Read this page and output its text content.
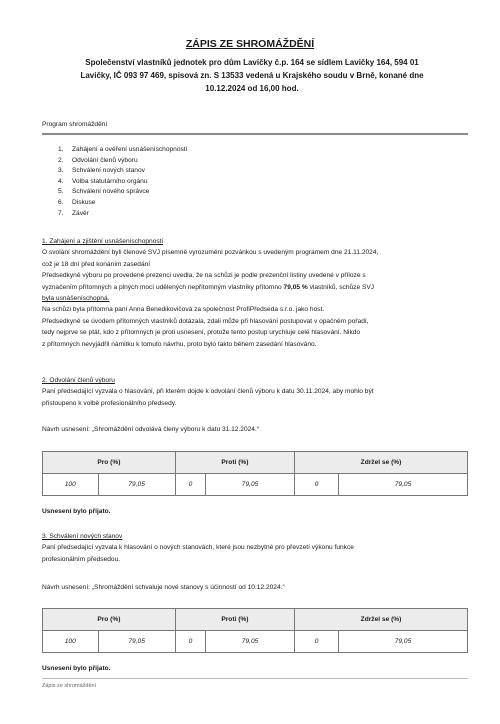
ZÁPIS ZE SHROMÁŽDĚNÍ
Společenství vlastníků jednotek pro dům Lavičky č.p. 164 se sídlem Lavičky 164, 594 01
Lavičky, IČ 093 97 469, spisová zn. S 13533 vedená u Krajského soudu v Brně, konané dne
10.12.2024 od 16,00 hod.
Program shromáždění
1. Zahájení a ověření usnášeníschopnosti
2. Odvolání členů výboru
3. Schválení nových stanov
4. Volba statutárního orgánu
5. Schválení nového správce
6. Diskuse
7. Závěr

1. Zahájení a zjištění usnášeníschopnosti

O svolání shromáždění byli členové SVJ písemně vyrozuměni pozvánkou s uvedeným programem dne 21.11.2024,

což je 18 dní před konáním zasedání

Předsedkyně výboru po provedené prezenci uvedla, že na schůzi je podle prezenční listiny uvedené v příloze s

vyznačením přítomných a plných mocí udělených nepřítomným vlastníky přítomno 79,05 % vlastníků, schůze SVJ

byla usnášeníschopná.

Na schůzi byla přítomna paní Anna Benedikovičová za společnost ProfiPředseda s.r.o. jako host.

Předsedkyně se úvodem přítomných vlastníků dotázala, zdali může při hlasování postupovat v opačném pořadí,

tedy nejprve se ptát, kdo z přítomných je proti usnesení, protože tento postup urychluje celé hlasování. Nikdo

z přítomných nevyjádřil námitku k tomuto návrhu, proto bylo takto během zasedání hlasováno.

2. Odvolání členů výboru

Paní předsedající vyzvala o hlasování, při kterém dojde k odvolání členů výboru k datu 30.11.2024, aby mohlo být

přistoupeno k volbě profesionálního předsedy.

Návrh usnesení: „Shromáždění odvolává členy výboru k datu 31.12.2024.“
Pro (%)		Proti (%)		Zdržel se (%)	
100	79,05	0	79,05	0	79,05
Usnesení bylo přijato.

3. Schválení nových stanov

Paní předsedající vyzvala k hlasování o nových stanovách, které jsou nezbytné pro převzetí výkonu funkce

profesionálním předsedou.

Návrh usnesení: „Shromáždění schvaluje nové stanovy s účinností od 10.12.2024.“
Pro (%)		Proti (%)		Zdržel se (%)	
100	79,05	0	79,05	0	79,05
Usnesení bylo přijato.
Zápis ze shromáždění
